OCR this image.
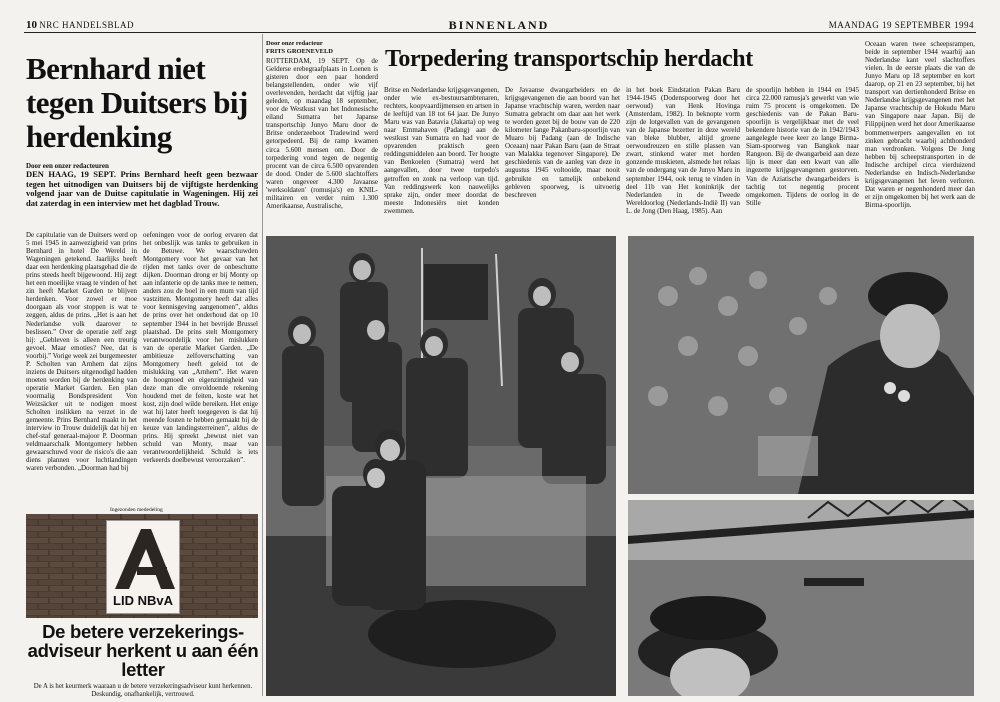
10 NRC HANDELSBLAD	BINNENLAND	MAANDAG 19 SEPTEMBER 1994
Bernhard niet tegen Duitsers bij herdenking
Door een onzer redacteuren
DEN HAAG, 19 SEPT. Prins Bernhard heeft geen bezwaar tegen het uitnodigen van Duitsers bij de vijftigste herdenking volgend jaar van de Duitse capitulatie in Wageningen. Hij zei dat zaterdag in een interview met het dagblad Trouw.
De capitulatie van de Duitsers werd op 5 mei 1945 in aanwezigheid van prins Bernhard in hotel De Wereld in Wageningen getekend. Jaarlijks heeft daar een herdenking plaatsgehad die de prins steeds heeft bijgewoond. Hij zegt het een moeilijke vraag te vinden of het zin heeft Market Garden te blijven herdenken. Voor zowel er moe doorgaan als voor stoppen is wat te zeggen, aldus de prins. „Het is aan het Nederlandse volk daarover te beslissen.” Over de operatie zelf zegt hij: „Gebleven is alleen een treurig gevoel. Maar emoties? Nee, dat is voorbij.” Vorige week zei burgemeester P. Scholten van Arnhem dat zijns inziens de Duitsers uitgenodigd hadden moeten worden bij de herdenking van operatie Market Garden. Een plan voormalig Bondspresident Von Weizsäcker uit te nodigen moest Scholten inslikken na verzet in de gemeente. Prins Bernhard maakt in het interview in Trouw duidelijk dat hij en chef-staf generaal-majoor P. Doorman veldmaarschalk Montgomery hebben gewaarschuwd voor de risico's die aan diens plannen voor luchtlandingen waren verbonden. „Doorman had bij
oefeningen voor de oorlog ervaren dat het onbeslijk was tanks te gebruiken in de Betuwe. We waarschuwden Montgomery voor het gevaar van het rijden met tanks over de onbeschutte dijken. Doorman drong er bij Monty op aan infanterie op de tanks mee te nemen, anders zou de boel in een mum van tijd vastzitten. Montgomery heeft dat alles voor kennisgeving aangenomen”, aldus de prins over het onderhoud dat op 10 september 1944 in het bevrijde Brussel plaatshad. De prins stelt Montgomery verantwoordelijk voor het mislukken van de operatie Market Garden. „De ambitieuze zelfoverschatting van Montgomery heeft geleid tot de mislukking van „Arnhem”. Het waren de hoogmoed en eigenzinnigheid van deze man die onvoldoende rekening houdend met de feiten, koste wat het kost, zijn doel wilde bereiken. Het enige wat hij later heeft toegegeven is dat hij meende fouten te hebben gemaakt bij de keuze van landingsterreinen”, aldus de prins. Hij spreekt „bewust niet van schuld van Monty, maar van verantwoordelijkheid. Schuld is iets verkeerds doelbewust veroorzaken”.
Ingezonden mededeling
LID NBvA
De betere verzekerings-adviseur herkent u aan één letter
De A is het keurmerk waaraan u de betere verzekeringsadviseur kunt herkennen. Deskundig, onafhankelijk, vertrouwd.
Door onze redacteur
FRITS GROENEVELD Torpedering transportschip herdacht
ROTTERDAM, 19 SEPT. Op de Gelderse erebegraafplaats in Loenen is gisteren door een paar honderd belangstellenden, onder wie vijf overlevenden, herdacht dat vijftig jaar geleden, op maandag 18 september, voor de Westkust van het Indonesische eiland Sumatra het Japanse transportschip Junyo Maru door de Britse onderzeeboot Tradewind werd getorpedeerd. Bij de ramp kwamen circa 5.600 mensen om. Door de torpedering vond tegen de negentig procent van de circa 6.500 opvarenden de dood. Onder de 5.600 slachtoffers waren ongeveer 4.300 Javaanse 'werksoldaten' (romusja's) en KNIL-militairen en verder ruim 1.300 Amerikaanse, Australische,
Britse en Nederlandse krijgsgevangenen, onder wie ex-bestuursambtenaren, rechters, koopvaardijmensen en artsen in de leeftijd van 18 tot 64 jaar. De Junyo Maru was van Batavia (Jakarta) op weg naar Emmahaven (Padang) aan de westkust van Sumatra en had voor de opvarenden praktisch geen reddingsmiddelen aan boord. Ter hoogte van Benkoelen (Sumatra) werd het aangevallen, door twee torpedo's getroffen en zonk na verloop van tijd. Van reddingswerk kon nauwelijks sprake zijn, onder meer doordat de meeste Indonesiërs niet konden zwemmen.
De Javaanse dwangarbeiders en de krijgsgevangenen die aan boord van het Japanse vrachtschip waren, werden naar Sumatra gebracht om daar aan het werk te worden gezet bij de bouw van de 220 kilometer lange Pakanbaru-spoorlijn van Muaro bij Padang (aan de Indische Oceaan) naar Pakan Baru (aan de Straat van Malakka tegenover Singapore). De geschiedenis van de aanleg van deze in augustus 1945 voltooide, maar nooit gebruikte en tamelijk onbekend gebleven spoorweg, is uitvoerig beschreven
in het boek Eindstation Pakan Baru 1944-1945 (Dodenspoorweg door het oerwoud) van Henk Hovinga (Amsterdam, 1982). In beknopte vorm zijn de lotgevallen van de gevangenen van de Japanse bezetter in deze wereld van bleke blubber, altijd groene oerwoudreuzen en stille plassen van zwart, stinkend water met horden gonzende muskieten, alsmede het relaas van de ondergang van de Junyo Maru in september 1944, ook terug te vinden in deel 11b van Het koninkrijk der Nederlanden in de Tweede Wereldoorlog (Nederlands-Indië II) van L. de Jong (Den Haag, 1985). Aan
de spoorlijn hebben in 1944 en 1945 circa 22.000 ramusja's gewerkt van wie ruim 75 procent is omgekomen. De geschiedenis van de Pakan Baru-spoorlijn is vergelijkbaar met de veel bekendere historie van de in 1942/1943 aangelegde twee keer zo lange Birma-Siam-spoorweg van Bangkok naar Rangoon. Bij de dwangarbeid aan deze lijn is meer dan een kwart van alle ingezette krijgsgevangenen gestorven. Van de Aziatische dwangarbeiders is tachtig tot negentig procent omgekomen. Tijdens de oorlog in de Stille
Oceaan waren twee scheepsrampen, beide in september 1944 waarbij aan Nederlandse kant veel slachtoffers vielen. In de eerste plaats die van de Junyo Maru op 18 september en kort daarop, op 21 en 23 september, bij het transport van dertienhonderd Britse en Nederlandse krijgsgevangenen met het Japanse vrachtschip de Hokudu Maru van Singapore naar Japan. Bij de Filippijnen werd het door Amerikaanse bommenwerpers aangevallen en tot zinken gebracht waarbij achthonderd man verdronken. Volgens De Jong hebben bij scheepstransporten in de Indische archipel circa vierduizend Nederlandse en Indisch-Nederlandse krijgsgevangenen het leven verloren. Dat waren er negenhonderd meer dan er zijn omgekomen bij het werk aan de Birma-spoorlijn.
